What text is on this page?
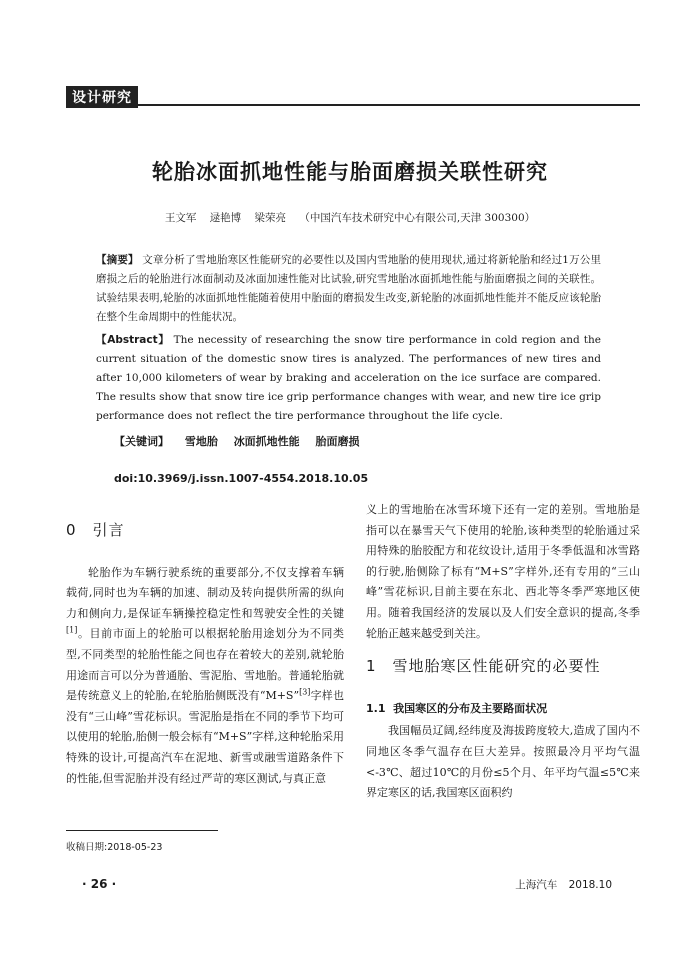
设计研究
轮胎冰面抓地性能与胎面磨损关联性研究
王文军 逯艳博 梁荣亮 （中国汽车技术研究中心有限公司,天津 300300）
【摘要】 文章分析了雪地胎寒区性能研究的必要性以及国内雪地胎的使用现状,通过将新轮胎和经过1万公里磨损之后的轮胎进行冰面制动及冰面加速性能对比试验,研究雪地胎冰面抓地性能与胎面磨损之间的关联性。试验结果表明,轮胎的冰面抓地性能随着使用中胎面的磨损发生改变,新轮胎的冰面抓地性能并不能反应该轮胎在整个生命周期中的性能状况。
【Abstract】 The necessity of researching the snow tire performance in cold region and the current situation of the domestic snow tires is analyzed. The performances of new tires and after 10,000 kilometers of wear by braking and acceleration on the ice surface are compared. The results show that snow tire ice grip performance changes with wear, and new tire ice grip performance does not reflect the tire performance throughout the life cycle.
【关键词】 雪地胎 冰面抓地性能 胎面磨损
doi:10.3969/j.issn.1007-4554.2018.10.05
0 引言

轮胎作为车辆行驶系统的重要部分,不仅支撑着车辆载荷,同时也为车辆的加速、制动及转向提供所需的纵向力和侧向力,是保证车辆操控稳定性和驾驶安全性的关键[1]。目前市面上的轮胎可以根据轮胎用途划分为不同类型,不同类型的轮胎性能之间也存在着较大的差别,就轮胎用途而言可以分为普通胎、雪泥胎、雪地胎。普通轮胎就是传统意义上的轮胎,在轮胎胎侧既没有“M+S”[3]字样也没有“三山峰”雪花标识。雪泥胎是指在不同的季节下均可以使用的轮胎,胎侧一般会标有“M+S”字样,这种轮胎采用特殊的设计,可提高汽车在泥地、新雪或融雪道路条件下的性能,但雪泥胎并没有经过严苛的寒区测试,与真正意

义上的雪地胎在冰雪环境下还有一定的差别。雪地胎是指可以在暴雪天气下使用的轮胎,该种类型的轮胎通过采用特殊的胎胶配方和花纹设计,适用于冬季低温和冰雪路的行驶,胎侧除了标有“M+S”字样外,还有专用的“三山峰”雪花标识,目前主要在东北、西北等冬季严寒地区使用。随着我国经济的发展以及人们安全意识的提高,冬季轮胎正越来越受到关注。

1 雪地胎寒区性能研究的必要性
1.1 我国寒区的分布及主要路面状况

我国幅员辽阔,经纬度及海拔跨度较大,造成了国内不同地区冬季气温存在巨大差异。按照最冷月平均气温<-3℃、超过10℃的月份≤5个月、年平均气温≤5℃来界定寒区的话,我国寒区面积约

收稿日期:2018-05-23
· 26 ·	上海汽车 2018.10
